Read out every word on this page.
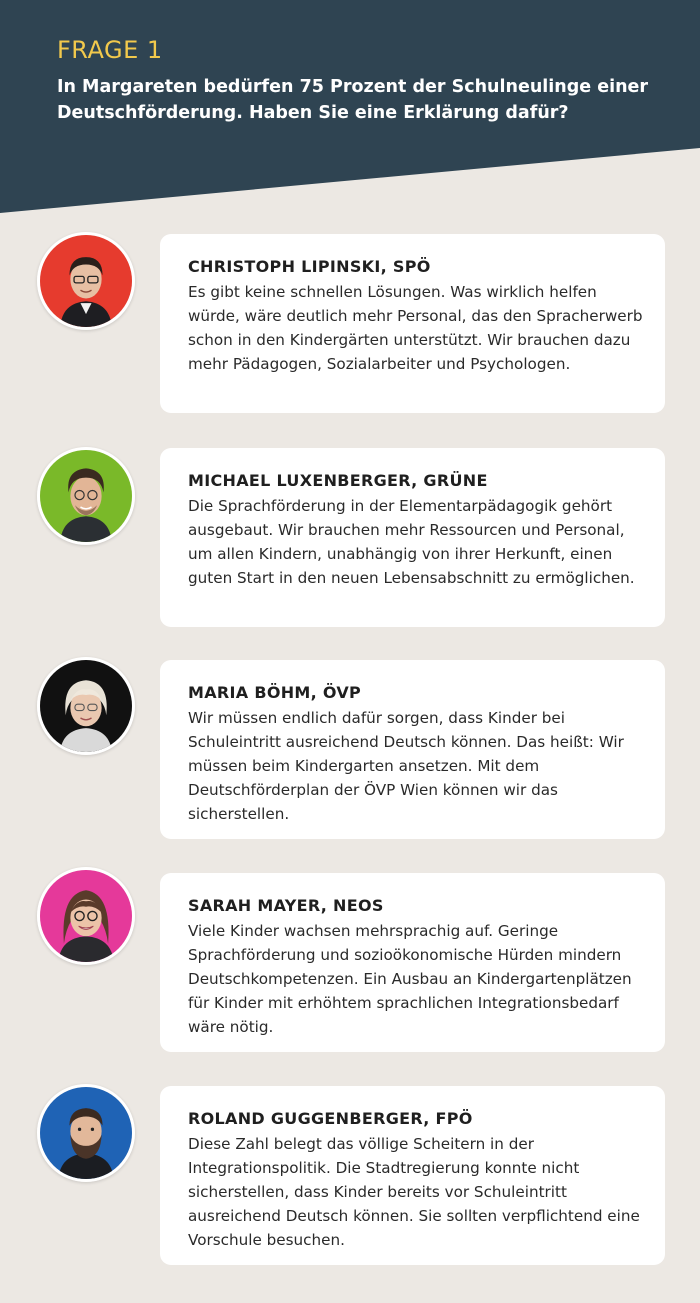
FRAGE 1
In Margareten bedürfen 75 Prozent der Schulneulinge einer Deutschförderung. Haben Sie eine Erklärung dafür?
CHRISTOPH LIPINSKI, SPÖ
Es gibt keine schnellen Lösungen. Was wirklich helfen würde, wäre deutlich mehr Personal, das den Spracherwerb schon in den Kindergärten unterstützt. Wir brauchen dazu mehr Pädagogen, Sozialarbeiter und Psychologen.
MICHAEL LUXENBERGER, GRÜNE
Die Sprachförderung in der Elementarpädagogik gehört ausgebaut. Wir brauchen mehr Ressourcen und Personal, um allen Kindern, unabhängig von ihrer Herkunft, einen guten Start in den neuen Lebensabschnitt zu ermöglichen.
MARIA BÖHM, ÖVP
Wir müssen endlich dafür sorgen, dass Kinder bei Schuleintritt ausreichend Deutsch können. Das heißt: Wir müssen beim Kindergarten ansetzen. Mit dem Deutschförderplan der ÖVP Wien können wir das sicherstellen.
SARAH MAYER, NEOS
Viele Kinder wachsen mehrsprachig auf. Geringe Sprachförderung und sozioökonomische Hürden mindern Deutschkompetenzen. Ein Ausbau an Kindergartenplätzen für Kinder mit erhöhtem sprachlichen Integrationsbedarf wäre nötig.
ROLAND GUGGENBERGER, FPÖ
Diese Zahl belegt das völlige Scheitern in der Integrationspolitik. Die Stadtregierung konnte nicht sicherstellen, dass Kinder bereits vor Schuleintritt ausreichend Deutsch können. Sie sollten verpflichtend eine Vorschule besuchen.
